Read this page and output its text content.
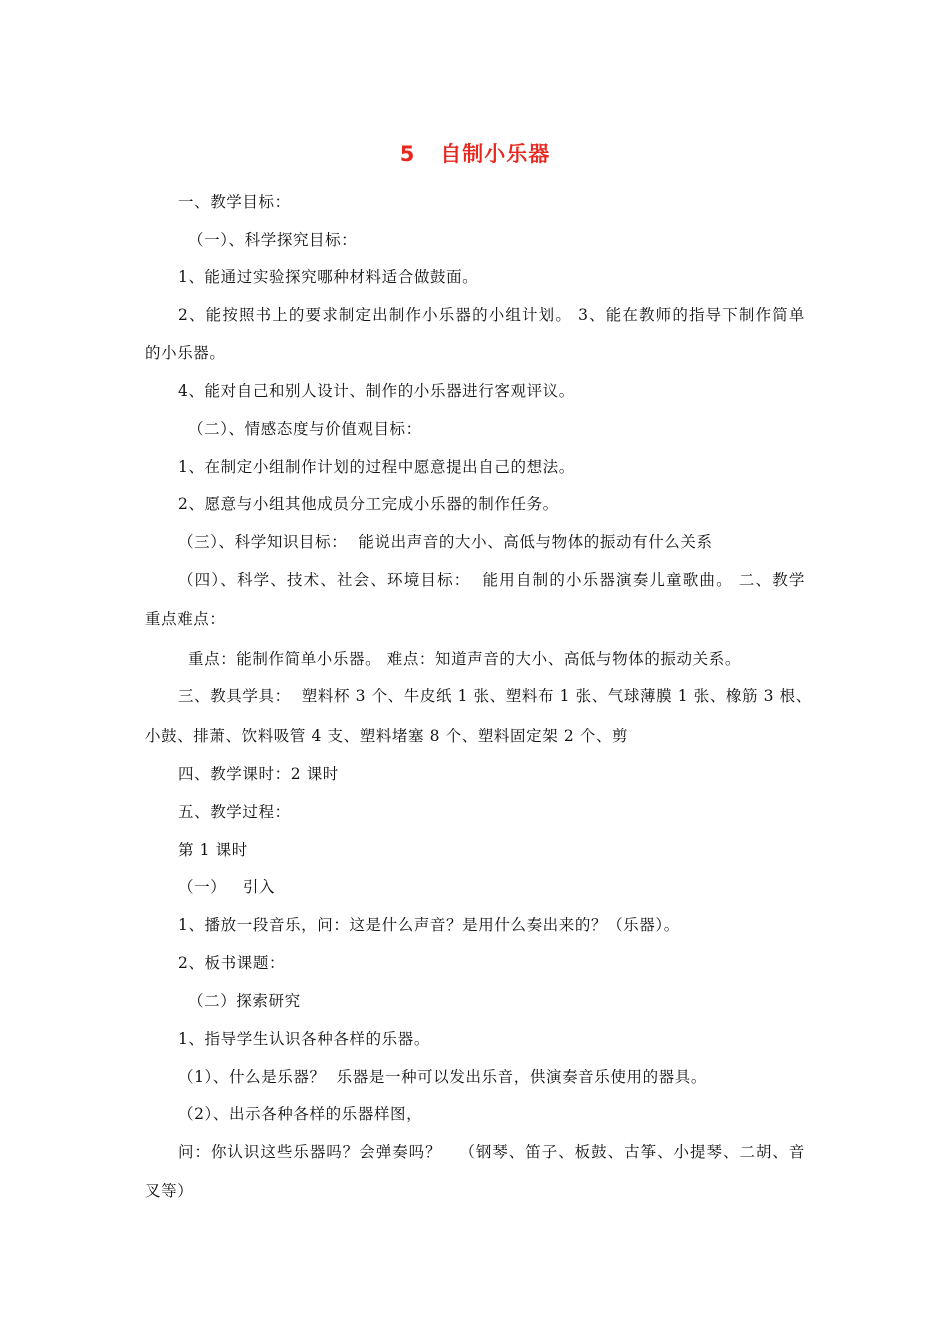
5   自制小乐器
一、教学目标：
（一）、科学探究目标：
1、能通过实验探究哪种材料适合做鼓面。
2、能按照书上的要求制定出制作小乐器的小组计划。 3、能在教师的指导下制作简单
的小乐器。
4、能对自己和别人设计、制作的小乐器进行客观评议。
（二）、情感态度与价值观目标：
1、在制定小组制作计划的过程中愿意提出自己的想法。
2、愿意与小组其他成员分工完成小乐器的制作任务。
（三）、科学知识目标：  能说出声音的大小、高低与物体的振动有什么关系
（四）、科学、技术、社会、环境目标：  能用自制的小乐器演奏儿童歌曲。 二、教学
重点难点：
重点：能制作简单小乐器。 难点：知道声音的大小、高低与物体的振动关系。
三、教具学具：  塑料杯 3 个、牛皮纸 1 张、塑料布 1 张、气球薄膜 1 张、橡筋 3 根、
小鼓、排萧、饮料吸管 4 支、塑料堵塞 8 个、塑料固定架 2 个、剪
四、教学课时：2 课时
五、教学过程：
第 1 课时
（一）   引入
1、播放一段音乐，问：这是什么声音？是用什么奏出来的？（乐器）。
2、板书课题：
（二）探索研究
1、指导学生认识各种各样的乐器。
（1）、什么是乐器？  乐器是一种可以发出乐音，供演奏音乐使用的器具。
（2）、出示各种各样的乐器样图，
问：你认识这些乐器吗？会弹奏吗？   （钢琴、笛子、板鼓、古筝、小提琴、二胡、音
叉等）
